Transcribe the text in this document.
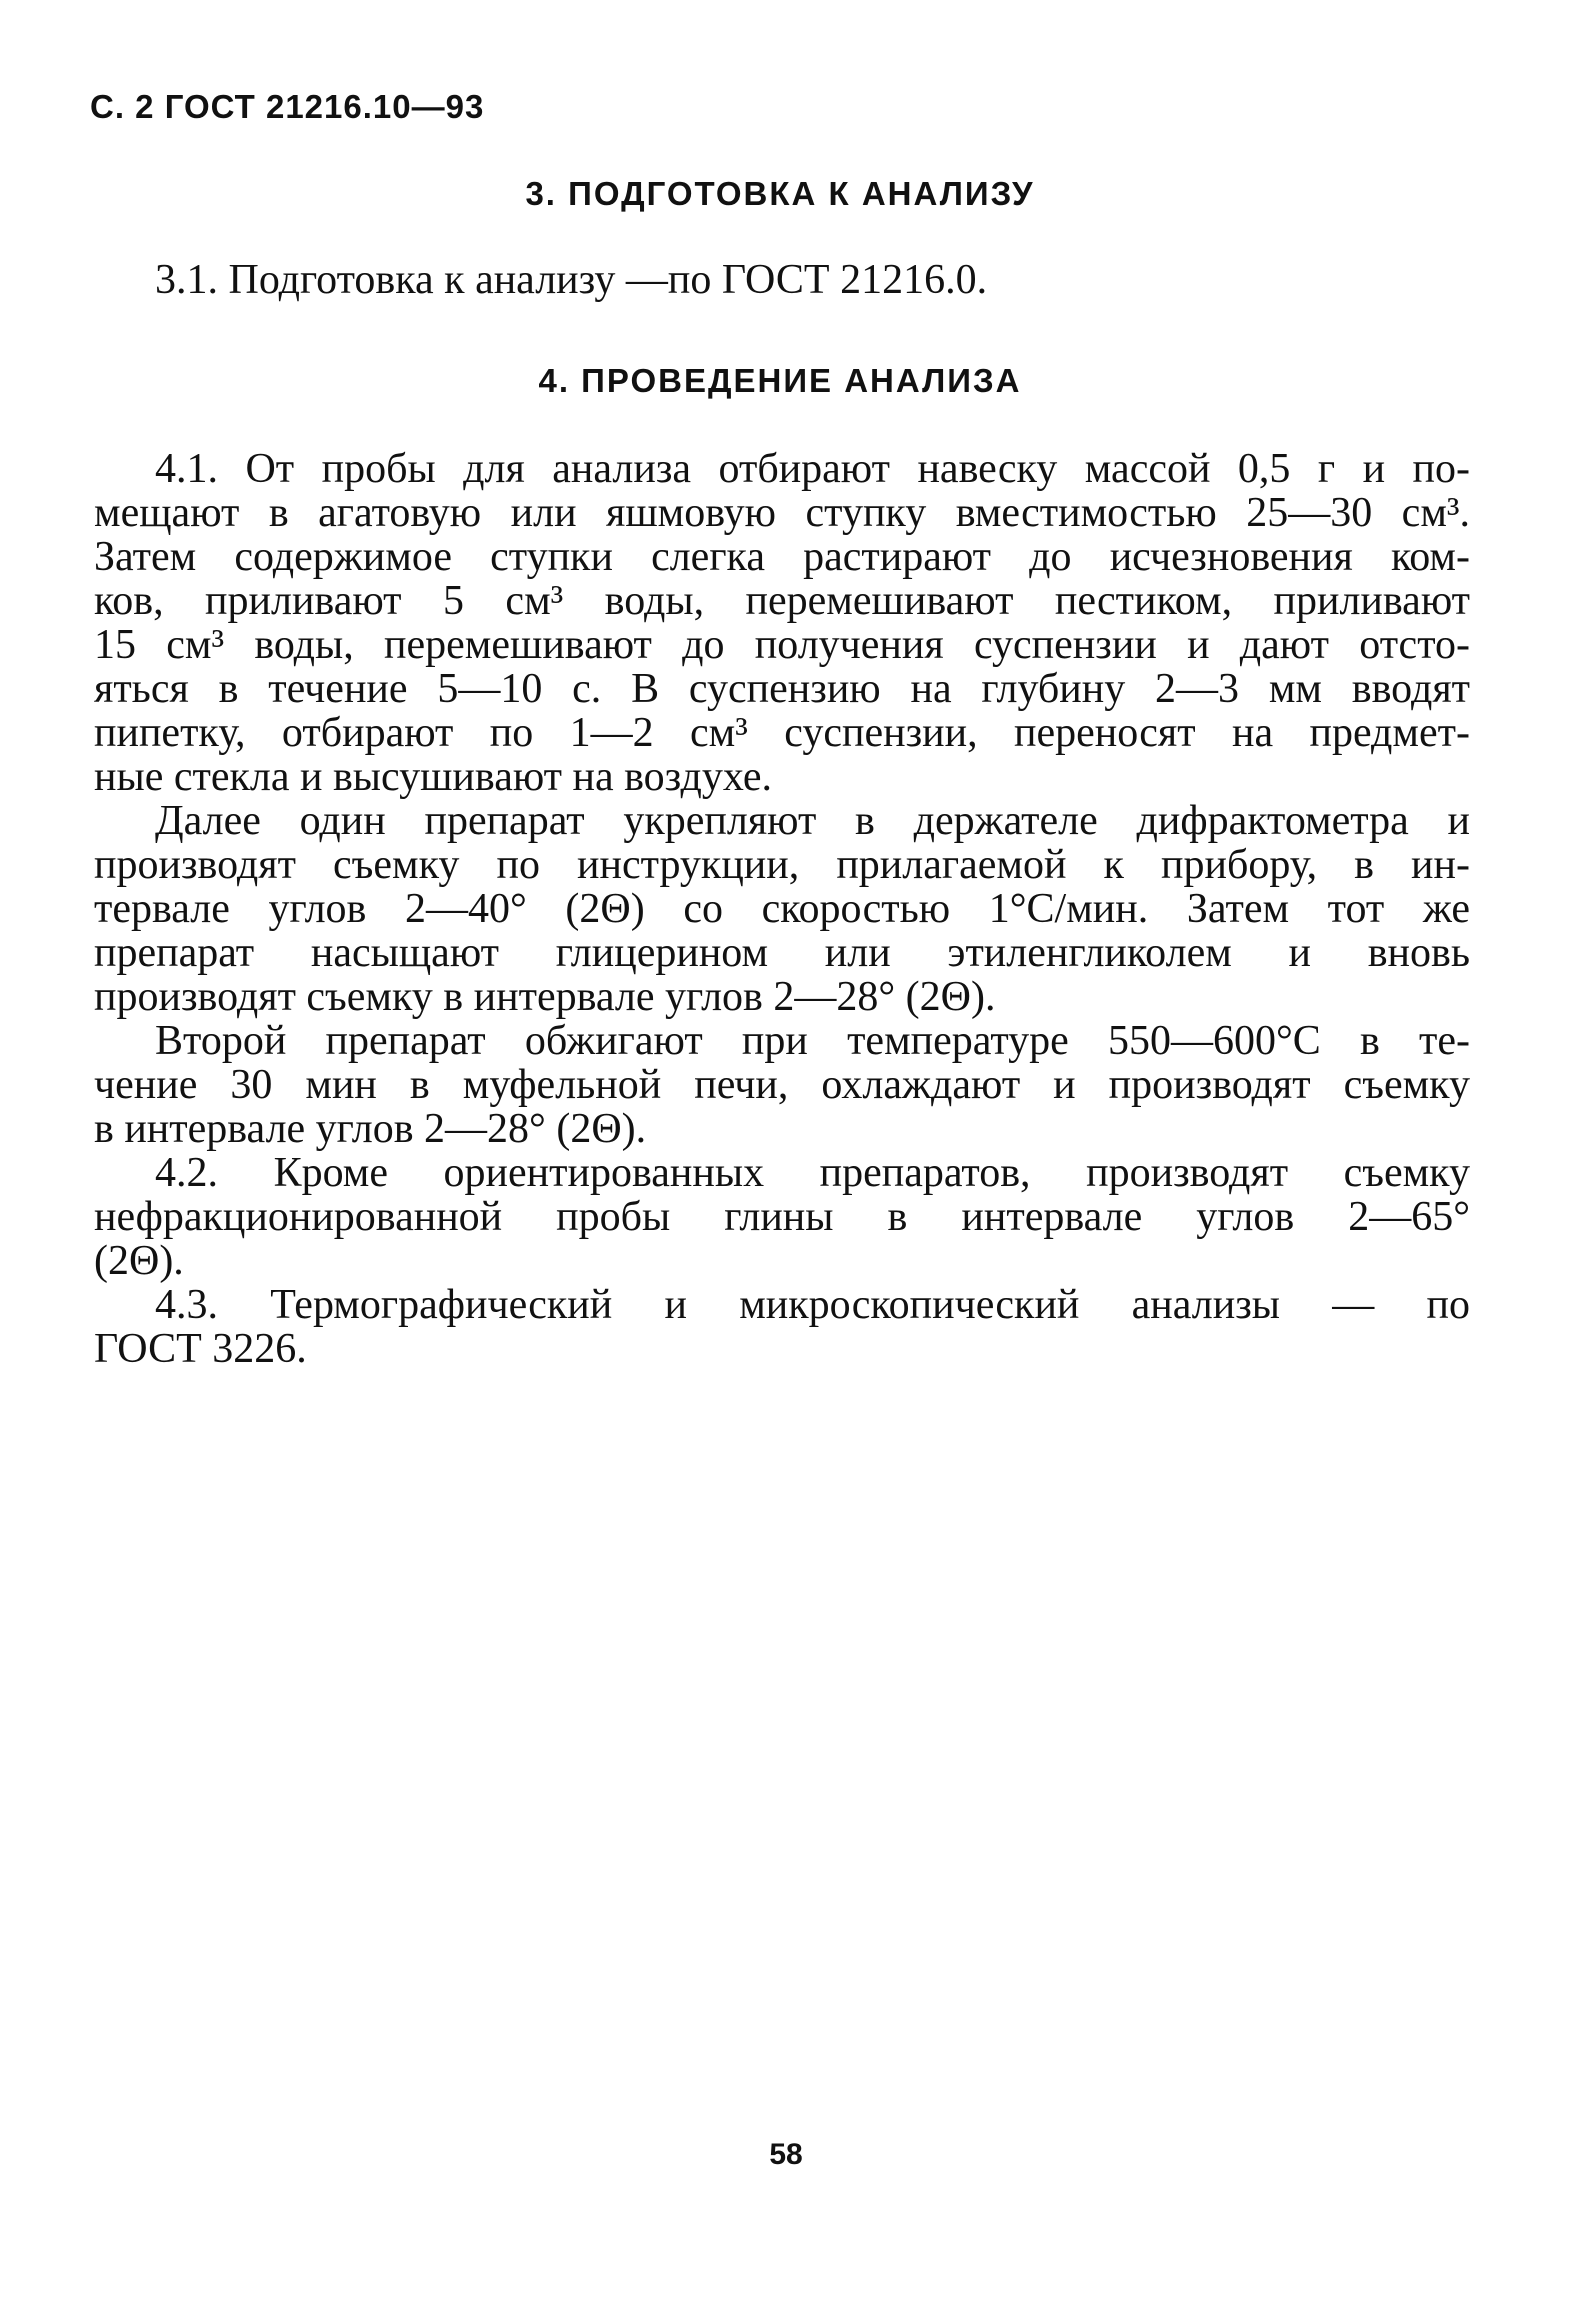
С. 2 ГОСТ 21216.10—93
3. ПОДГОТОВКА К АНАЛИЗУ
3.1. Подготовка к анализу —по ГОСТ 21216.0.
4. ПРОВЕДЕНИЕ АНАЛИЗА
4.1. От пробы для анализа отбирают навеску массой 0,5 г и по-
мещают в агатовую или яшмовую ступку вместимостью 25—30 см³.
Затем содержимое ступки слегка растирают до исчезновения ком-
ков, приливают 5 см³ воды, перемешивают пестиком, приливают
15 см³ воды, перемешивают до получения суспензии и дают отсто-
яться в течение 5—10 с. В суспензию на глубину 2—3 мм вводят
пипетку, отбирают по 1—2 см³ суспензии, переносят на предмет-
ные стекла и высушивают на воздухе.
Далее один препарат укрепляют в держателе дифрактометра и
производят съемку по инструкции, прилагаемой к прибору, в ин-
тервале углов 2—40° (2Θ) со скоростью 1°C/мин. Затем тот же
препарат насыщают глицерином или этиленгликолем и вновь
производят съемку в интервале углов 2—28° (2Θ).
Второй препарат обжигают при температуре 550—600°C в те-
чение 30 мин в муфельной печи, охлаждают и производят съемку
в интервале углов 2—28° (2Θ).
4.2. Кроме ориентированных препаратов, производят съемку
нефракционированной пробы глины в интервале углов 2—65°
(2Θ).
4.3. Термографический и микроскопический анализы — по
ГОСТ 3226.
58
